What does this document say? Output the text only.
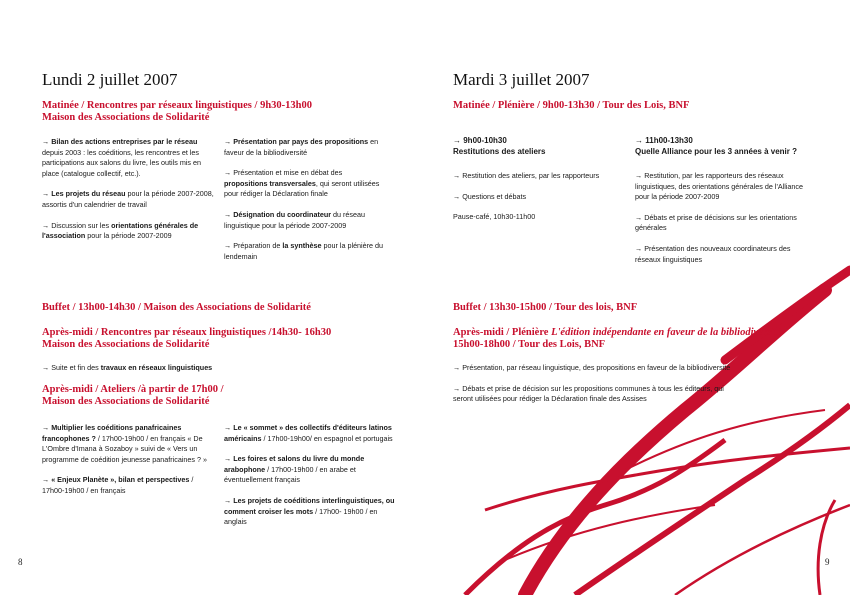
Lundi 2 juillet 2007
Matinée / Rencontres par réseaux linguistiques / 9h30-13h00
Maison des Associations de Solidarité
→ Bilan des actions entreprises par le réseau depuis 2003 : les coéditions, les rencontres et les participations aux salons du livre, les outils mis en place (catalogue collectif, etc.).
→ Les projets du réseau pour la période 2007-2008, assortis d'un calendrier de travail
→ Discussion sur les orientations générales de l'association pour la période 2007-2009
→ Présentation par pays des propositions en faveur de la bibliodiversité
→ Présentation et mise en débat des propositions transversales, qui seront utilisées pour rédiger la Déclaration finale
→ Désignation du coordinateur du réseau linguistique pour la période 2007-2009
→ Préparation de la synthèse pour la plénière du lendemain
Buffet / 13h00-14h30 / Maison des Associations de Solidarité
Après-midi / Rencontres par réseaux linguistiques /14h30- 16h30
Maison des Associations de Solidarité
→ Suite et fin des travaux en réseaux linguistiques
Après-midi / Ateliers /à partir de 17h00 /
Maison des Associations de Solidarité
→ Multiplier les coéditions panafricaines francophones ? / 17h00-19h00 / en français « De L'Ombre d'Imana à Sozaboy » suivi de « Vers un programme de coédition jeunesse panafricaines ? »
→ « Enjeux Planète », bilan et perspectives / 17h00-19h00 / en français
→ Le « sommet » des collectifs d'éditeurs latinos américains / 17h00-19h00/ en espagnol et portugais
→ Les foires et salons du livre du monde arabophone / 17h00-19h00 / en arabe et éventuellement français
→ Les projets de coéditions interlinguistiques, ou comment croiser les mots / 17h00- 19h00 / en anglais
8
Mardi 3 juillet 2007
Matinée / Plénière / 9h00-13h30 / Tour des Lois, BNF
→ 9h00-10h30
Restitutions des ateliers
→ Restitution des ateliers, par les rapporteurs
→ Questions et débats
Pause-café, 10h30-11h00
→ 11h00-13h30
Quelle Alliance pour les 3 années à venir ?
→ Restitution, par les rapporteurs des réseaux linguistiques, des orientations générales de l'Alliance pour la période 2007-2009
→ Débats et prise de décisions sur les orientations générales
→ Présentation des nouveaux coordinateurs des réseaux linguistiques
Buffet / 13h30-15h00 / Tour des lois, BNF
Après-midi / Plénière L'édition indépendante en faveur de la bibliodiversité
15h00-18h00 / Tour des Lois, BNF
→ Présentation, par réseau linguistique, des propositions en faveur de la bibliodiversité
→ Débats et prise de décision sur les propositions communes à tous les éditeurs, qui seront utilisées pour rédiger la Déclaration finale des Assises
9
